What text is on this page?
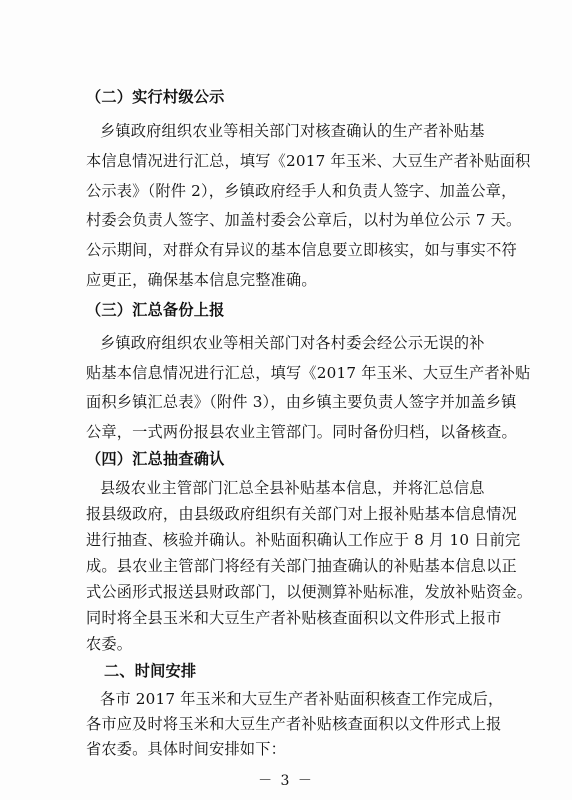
（二）实行村级公示
乡镇政府组织农业等相关部门对核查确认的生产者补贴基
本信息情况进行汇总，填写《2017 年玉米、大豆生产者补贴面积
公示表》（附件 2），乡镇政府经手人和负责人签字、加盖公章，
村委会负责人签字、加盖村委会公章后，以村为单位公示 7 天。
公示期间，对群众有异议的基本信息要立即核实，如与事实不符
应更正，确保基本信息完整准确。
（三）汇总备份上报
乡镇政府组织农业等相关部门对各村委会经公示无误的补
贴基本信息情况进行汇总，填写《2017 年玉米、大豆生产者补贴
面积乡镇汇总表》（附件 3），由乡镇主要负责人签字并加盖乡镇
公章，一式两份报县农业主管部门。同时备份归档，以备核查。
（四）汇总抽查确认
县级农业主管部门汇总全县补贴基本信息，并将汇总信息
报县级政府，由县级政府组织有关部门对上报补贴基本信息情况
进行抽查、核验并确认。补贴面积确认工作应于 8 月 10 日前完
成。县农业主管部门将经有关部门抽查确认的补贴基本信息以正
式公函形式报送县财政部门，以便测算补贴标准，发放补贴资金。
同时将全县玉米和大豆生产者补贴核查面积以文件形式上报市
农委。
二、时间安排
各市 2017 年玉米和大豆生产者补贴面积核查工作完成后，
各市应及时将玉米和大豆生产者补贴核查面积以文件形式上报
省农委。具体时间安排如下：
－ 3 －
